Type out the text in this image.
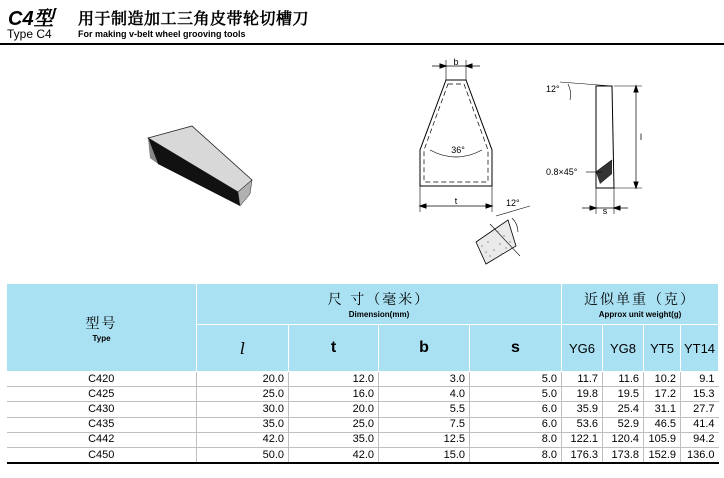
C4型
Type C4
用于制造加工三角皮带轮切槽刀
For making v-belt wheel grooving tools
b
36°
t	12°
12°
l
0.8×45°
s
型号
Type	尺 寸（毫米）
Dimension(mm)				近似单重（克）
Approx unit weight(g)			

	l	t	b	s	YG6	YG8	YT5	YT14
C420	20.0	12.0	3.0	5.0	11.7	11.6	10.2	9.1
C425	25.0	16.0	4.0	5.0	19.8	19.5	17.2	15.3
C430	30.0	20.0	5.5	6.0	35.9	25.4	31.1	27.7
C435	35.0	25.0	7.5	6.0	53.6	52.9	46.5	41.4
C442	42.0	35.0	12.5	8.0	122.1	120.4	105.9	94.2
C450	50.0	42.0	15.0	8.0	176.3	173.8	152.9	136.0
